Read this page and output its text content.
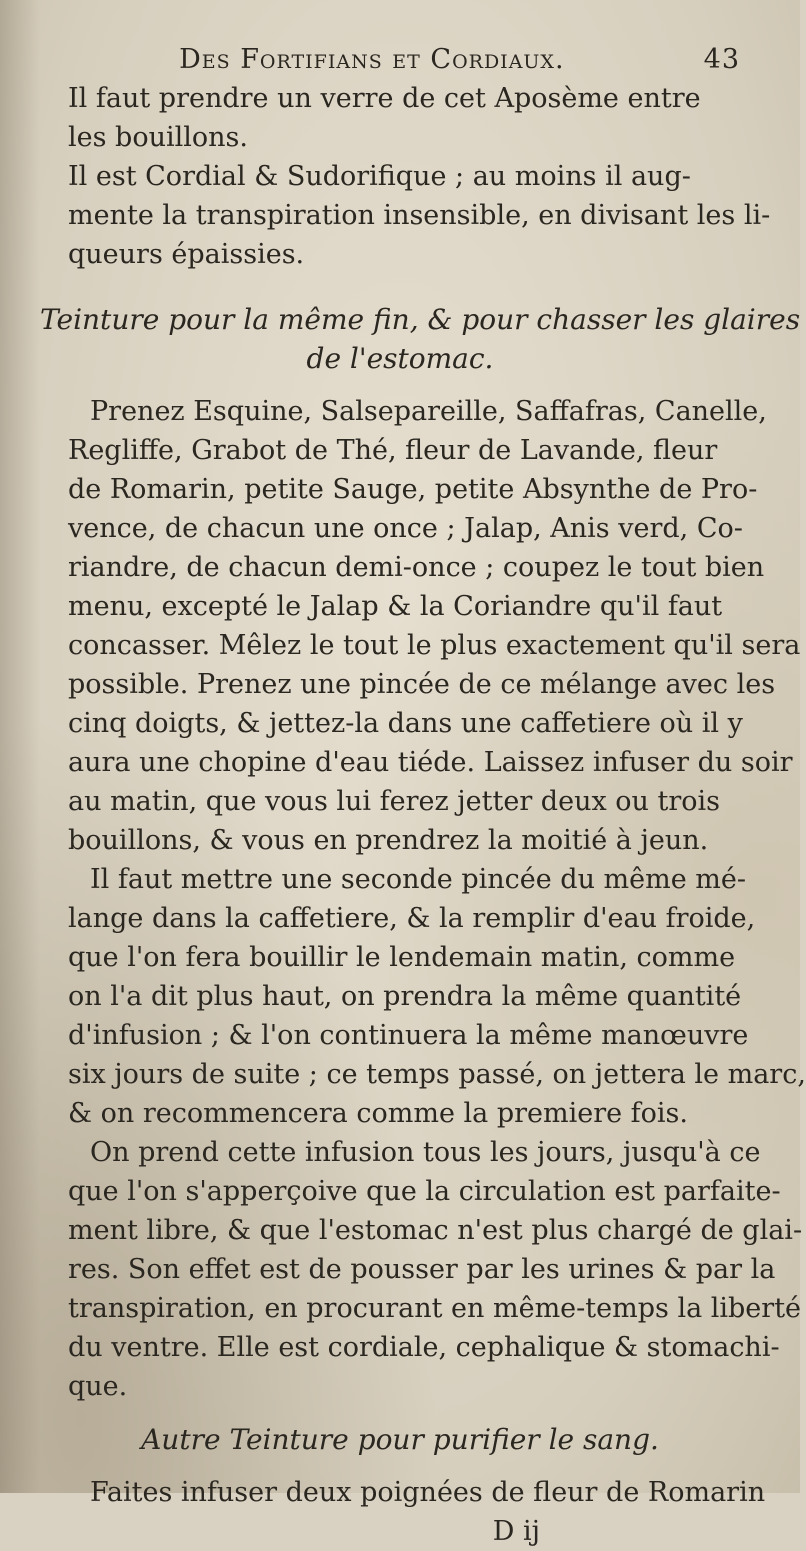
Des Fortifians et Cordiaux.	43
Il faut prendre un verre de cet Aposème entre
les bouillons.
Il est Cordial & Sudorifique ; au moins il aug-
mente la transpiration insensible, en divisant les li-
queurs épaissies.
Teinture pour la même fin, & pour chasser les glaires
de l'estomac.
Prenez Esquine, Salsepareille, Saffafras, Canelle,
Regliffe, Grabot de Thé, fleur de Lavande, fleur
de Romarin, petite Sauge, petite Absynthe de Pro-
vence, de chacun une once ; Jalap, Anis verd, Co-
riandre, de chacun demi-once ; coupez le tout bien
menu, excepté le Jalap & la Coriandre qu'il faut
concasser. Mêlez le tout le plus exactement qu'il sera
possible. Prenez une pincée de ce mélange avec les
cinq doigts, & jettez-la dans une caffetiere où il y
aura une chopine d'eau tiéde. Laissez infuser du soir
au matin, que vous lui ferez jetter deux ou trois
bouillons, & vous en prendrez la moitié à jeun.
Il faut mettre une seconde pincée du même mé-
lange dans la caffetiere, & la remplir d'eau froide,
que l'on fera bouillir le lendemain matin, comme
on l'a dit plus haut, on prendra la même quantité
d'infusion ; & l'on continuera la même manœuvre
six jours de suite ; ce temps passé, on jettera le marc,
& on recommencera comme la premiere fois.
On prend cette infusion tous les jours, jusqu'à ce
que l'on s'apperçoive que la circulation est parfaite-
ment libre, & que l'estomac n'est plus chargé de glai-
res. Son effet est de pousser par les urines & par la
transpiration, en procurant en même-temps la liberté
du ventre. Elle est cordiale, cephalique & stomachi-
que.
Autre Teinture pour purifier le sang.
Faites infuser deux poignées de fleur de Romarin
D ij
